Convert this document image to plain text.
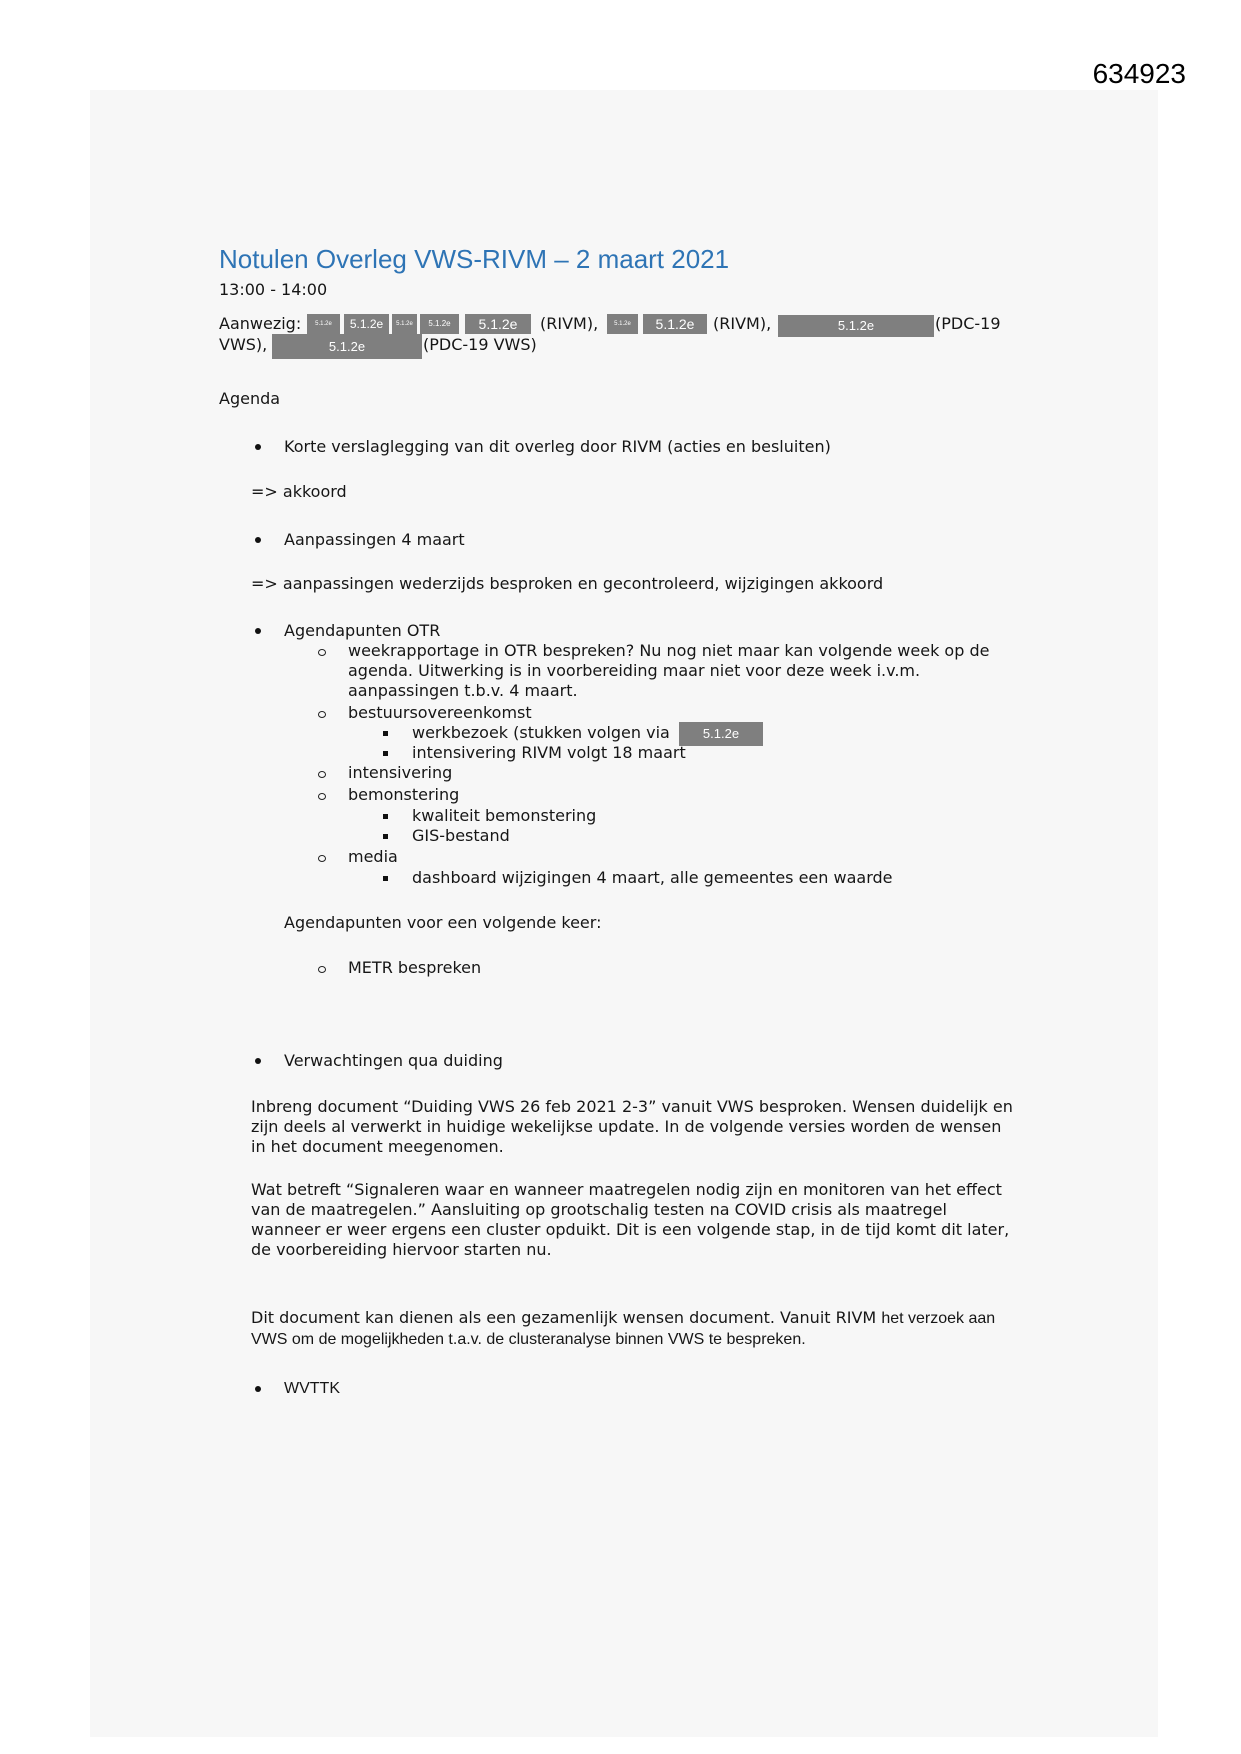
634923
Notulen Overleg VWS-RIVM – 2 maart 2021
13:00 - 14:00
Aanwezig:	5.1.2e	5.1.2e	5.1.2e	5.1.2e	5.1.2e	(RIVM),	5.1.2e	5.1.2e	(RIVM),	5.1.2e	(PDC-19
VWS),	5.1.2e	(PDC-19 VWS)
Agenda
Korte verslaglegging van dit overleg door RIVM (acties en besluiten)
=> akkoord
Aanpassingen 4 maart
=> aanpassingen wederzijds besproken en gecontroleerd, wijzigingen akkoord
Agendapunten OTR
weekrapportage in OTR bespreken? Nu nog niet maar kan volgende week op de
agenda. Uitwerking is in voorbereiding maar niet voor deze week i.v.m.
aanpassingen t.b.v. 4 maart.
bestuursovereenkomst
werkbezoek (stukken volgen via	5.1.2e
intensivering RIVM volgt 18 maart
intensivering
bemonstering
kwaliteit bemonstering
GIS-bestand
media
dashboard wijzigingen 4 maart, alle gemeentes een waarde
Agendapunten voor een volgende keer:
METR bespreken
Verwachtingen qua duiding
Inbreng document “Duiding VWS 26 feb 2021 2-3” vanuit VWS besproken. Wensen duidelijk en
zijn deels al verwerkt in huidige wekelijkse update. In de volgende versies worden de wensen
in het document meegenomen.
Wat betreft “Signaleren waar en wanneer maatregelen nodig zijn en monitoren van het effect
van de maatregelen.” Aansluiting op grootschalig testen na COVID crisis als maatregel
wanneer er weer ergens een cluster opduikt. Dit is een volgende stap, in de tijd komt dit later,
de voorbereiding hiervoor starten nu.
Dit document kan dienen als een gezamenlijk wensen document. Vanuit RIVM het verzoek aan
VWS om de mogelijkheden t.a.v. de clusteranalyse binnen VWS te bespreken.
WVTTK
